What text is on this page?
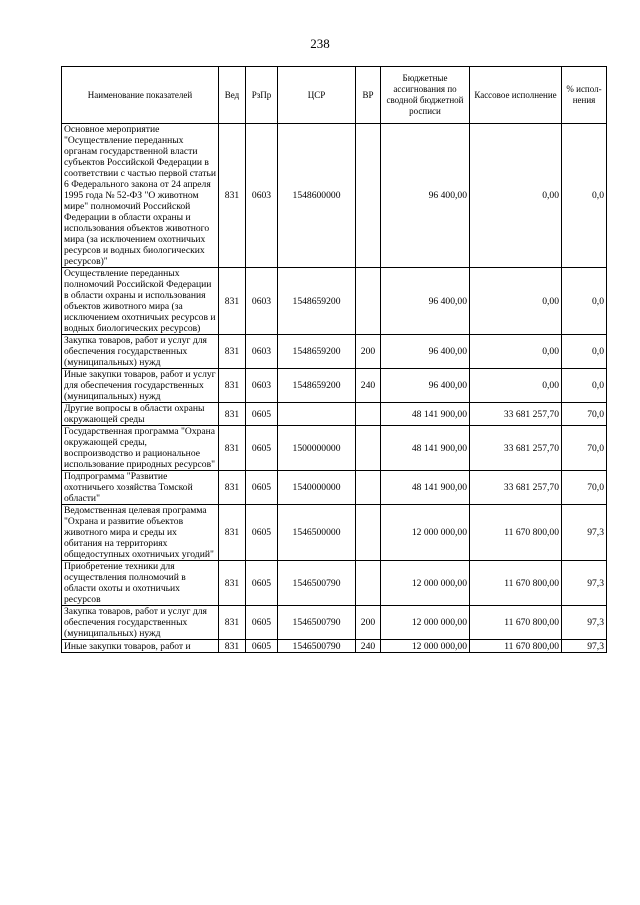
238
Наименование показателей	Вед	РзПр	ЦСР	ВР	Бюджетные ассигнования по сводной бюджетной росписи	Кассовое исполнение	% испол-нения
Основное мероприятие "Осуществление переданных органам государственной власти субъектов Российской Федерации в соответствии с частью первой статьи 6 Федерального закона от 24 апреля 1995 года № 52-ФЗ "О животном мире" полномочий Российской Федерации в области охраны и использования объектов животного мира (за исключением охотничьих ресурсов и водных биологических ресурсов)"	831	0603	1548600000		96 400,00	0,00	0,0
Осуществление переданных полномочий Российской Федерации в области охраны и использования объектов животного мира (за исключением охотничьих ресурсов и водных биологических ресурсов)	831	0603	1548659200		96 400,00	0,00	0,0
Закупка товаров, работ и услуг для обеспечения государственных (муниципальных) нужд	831	0603	1548659200	200	96 400,00	0,00	0,0
Иные закупки товаров, работ и услуг для обеспечения государственных (муниципальных) нужд	831	0603	1548659200	240	96 400,00	0,00	0,0
Другие вопросы в области охраны окружающей среды	831	0605			48 141 900,00	33 681 257,70	70,0
Государственная программа "Охрана окружающей среды, воспроизводство и рациональное использование природных ресурсов"	831	0605	1500000000		48 141 900,00	33 681 257,70	70,0
Подпрограмма "Развитие охотничьего хозяйства Томской области"	831	0605	1540000000		48 141 900,00	33 681 257,70	70,0
Ведомственная целевая программа "Охрана и развитие объектов животного мира и среды их обитания на территориях общедоступных охотничьих угодий"	831	0605	1546500000		12 000 000,00	11 670 800,00	97,3
Приобретение техники для осуществления полномочий в области охоты и охотничьих ресурсов	831	0605	1546500790		12 000 000,00	11 670 800,00	97,3
Закупка товаров, работ и услуг для обеспечения государственных (муниципальных) нужд	831	0605	1546500790	200	12 000 000,00	11 670 800,00	97,3

Иные закупки товаров, работ и	831	0605	1546500790	240	12 000 000,00	11 670 800,00	97,3
